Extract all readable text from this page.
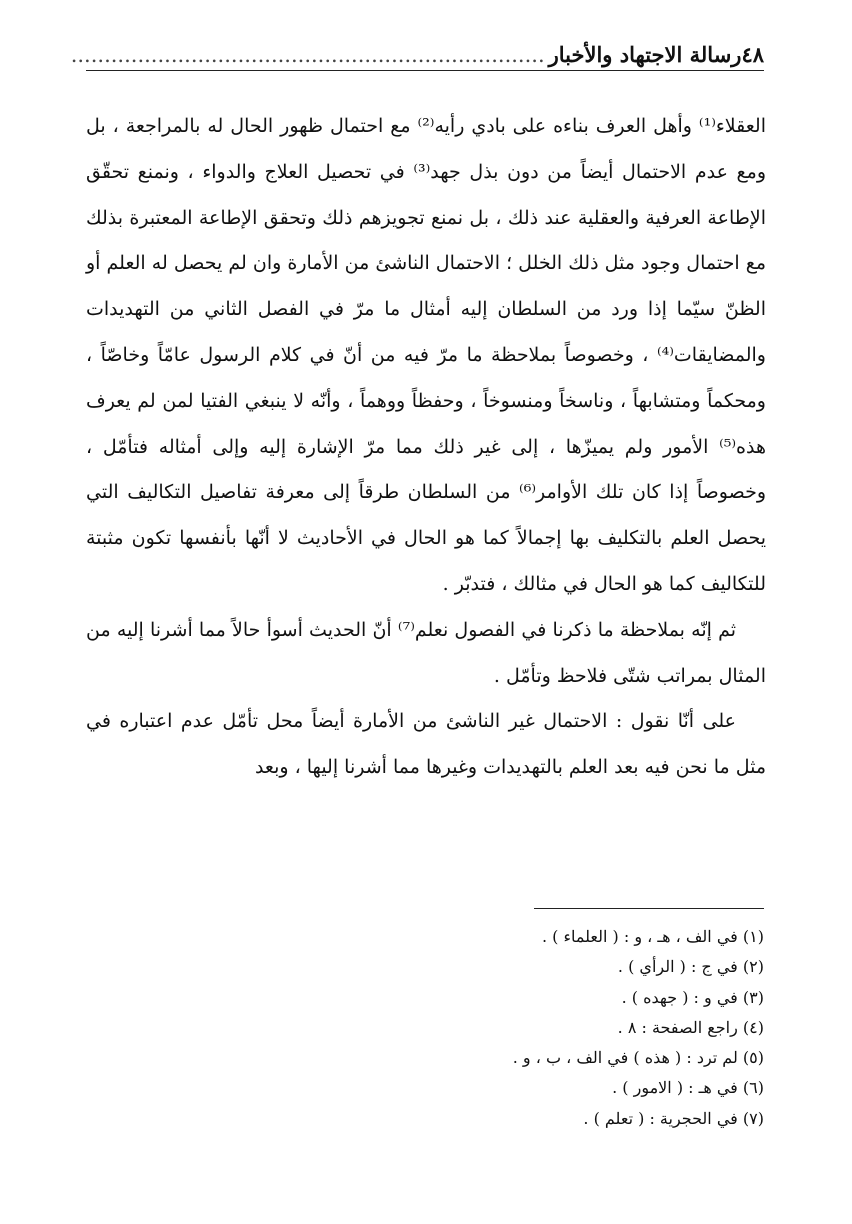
٤٨
رسالة الاجتهاد والأخبار.......................................................................

العقلاء⁽¹⁾ وأهل العرف بناءه على بادي رأيه⁽²⁾ مع احتمال ظهور الحال له بالمراجعة ، بل ومع عدم الاحتمال أيضاً من دون بذل جهد⁽³⁾ في تحصيل العلاج والدواء ، ونمنع تحقّق الإطاعة العرفية والعقلية عند ذلك ، بل نمنع تجويزهم ذلك وتحقق الإطاعة المعتبرة بذلك مع احتمال وجود مثل ذلك الخلل ؛ الاحتمال الناشئ من الأمارة وان لم يحصل له العلم أو الظنّ سيّما إذا ورد من السلطان إليه أمثال ما مرّ في الفصل الثاني من التهديدات والمضايقات⁽⁴⁾ ، وخصوصاً بملاحظة ما مرّ فيه من أنّ في كلام الرسول عامّاً وخاصّاً ، ومحكماً ومتشابهاً ، وناسخاً ومنسوخاً ، وحفظاً ووهماً ، وأنّه لا ينبغي الفتيا لمن لم يعرف هذه⁽⁵⁾ الأمور ولم يميزّها ، إلى غير ذلك مما مرّ الإشارة إليه وإلى أمثاله فتأمّل ، وخصوصاً إذا كان تلك الأوامر⁽⁶⁾ من السلطان طرقاً إلى معرفة تفاصيل التكاليف التي يحصل العلم بالتكليف بها إجمالاً كما هو الحال في الأحاديث لا أنّها بأنفسها تكون مثبتة للتكاليف كما هو الحال في مثالك ، فتدبّر .

ثم إنّه بملاحظة ما ذكرنا في الفصول نعلم⁽⁷⁾ أنّ الحديث أسوأ حالاً مما أشرنا إليه من المثال بمراتب شتّى فلاحظ وتأمّل .

على أنّا نقول : الاحتمال غير الناشئ من الأمارة أيضاً محل تأمّل عدم اعتباره في مثل ما نحن فيه بعد العلم بالتهديدات وغيرها مما أشرنا إليها ، وبعد

(١) في الف ، هـ ، و : ( العلماء ) .
(٢) في ج : ( الرأي ) .
(٣) في و : ( جهده ) .
(٤) راجع الصفحة : ٨ .
(٥) لم ترد : ( هذه ) في الف ، ب ، و .
(٦) في هـ : ( الامور ) .
(٧) في الحجرية : ( تعلم ) .
